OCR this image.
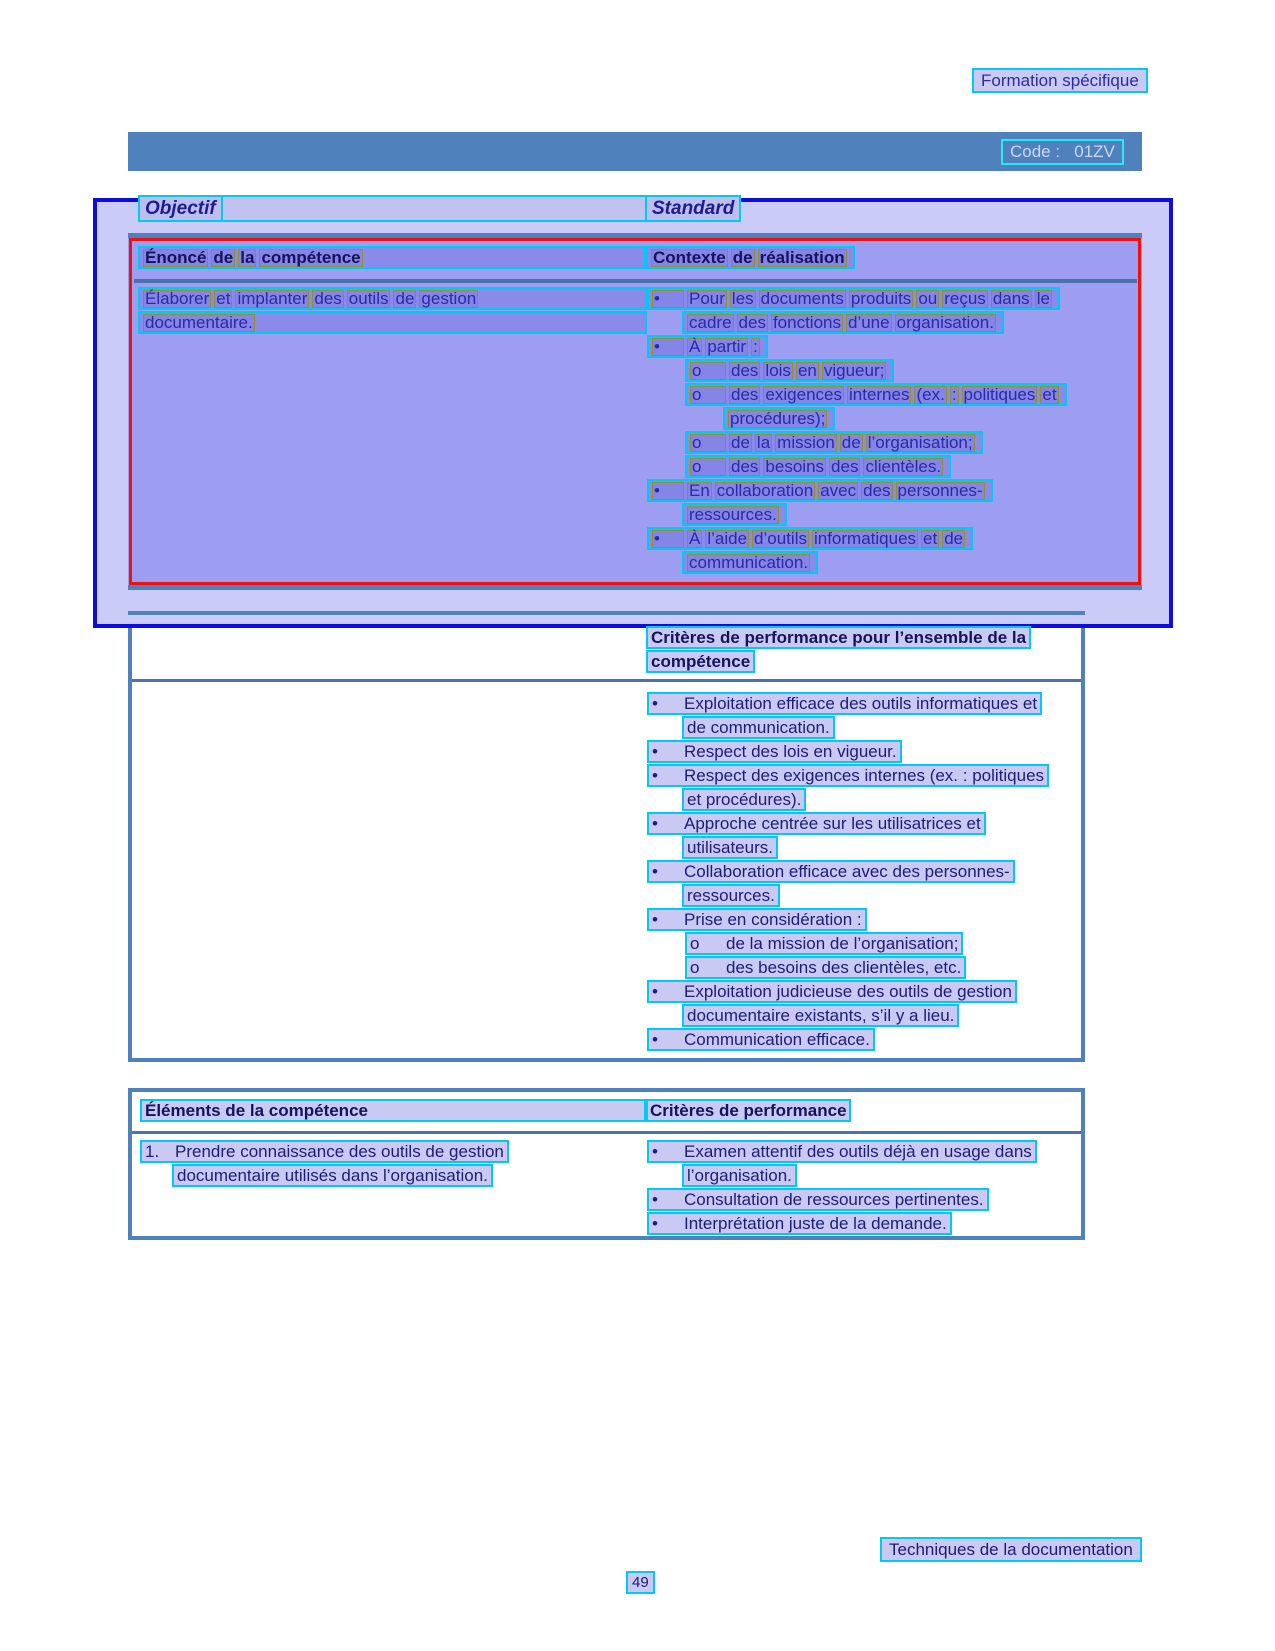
Formation spécifique
Code :   01ZV
Objectif	Standard
Énoncé de la compétence	Contexte de réalisation
Élaborer et implanter des outils de gestion
documentaire.
• Pour les documents produits ou reçus dans le
cadre des fonctions d’une organisation.
• À partir :
o des lois en vigueur;
o des exigences internes (ex. : politiques et
procédures);
o de la mission de l’organisation;
o des besoins des clientèles.
• En collaboration avec des personnes-
ressources.
• À l’aide d’outils informatiques et de
communication.
Critères de performance pour l’ensemble de la
compétence
• Exploitation efficace des outils informatiques et
de communication.
• Respect des lois en vigueur.
• Respect des exigences internes (ex. : politiques
et procédures).
• Approche centrée sur les utilisatrices et
utilisateurs.
• Collaboration efficace avec des personnes-
ressources.
• Prise en considération :
o de la mission de l’organisation;
o des besoins des clientèles, etc.
• Exploitation judicieuse des outils de gestion
documentaire existants, s’il y a lieu.
• Communication efficace.
Éléments de la compétence	Critères de performance
1. Prendre connaissance des outils de gestion
documentaire utilisés dans l’organisation.
• Examen attentif des outils déjà en usage dans
l’organisation.
• Consultation de ressources pertinentes.
• Interprétation juste de la demande.
Techniques de la documentation
49
